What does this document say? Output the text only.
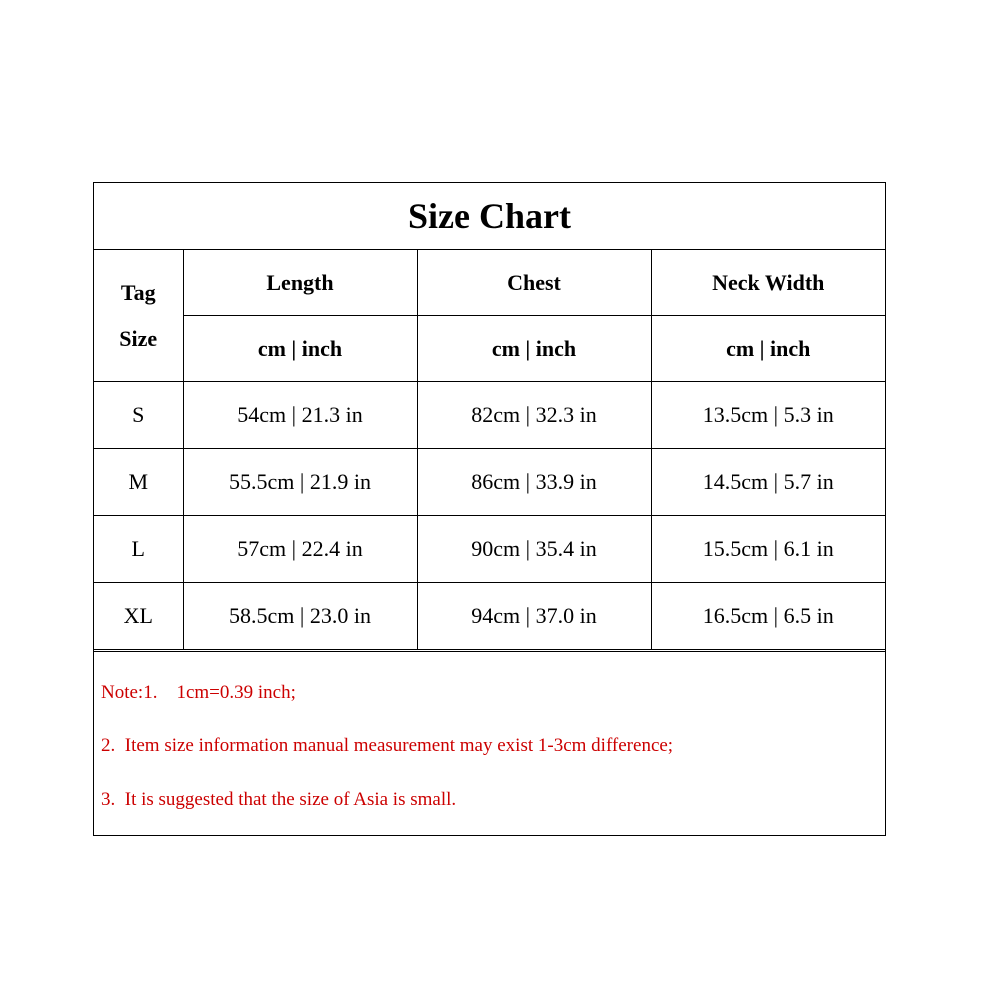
Size Chart
Tag
Size	Length	Chest	Neck Width
	cm | inch	cm | inch	cm | inch
S	54cm | 21.3 in	82cm | 32.3 in	13.5cm | 5.3 in
M	55.5cm | 21.9 in	86cm | 33.9 in	14.5cm | 5.7 in
L	57cm | 22.4 in	90cm | 35.4 in	15.5cm | 6.1 in
XL	58.5cm | 23.0 in	94cm | 37.0 in	16.5cm | 6.5 in
Note:1.    1cm=0.39 inch;
2.  Item size information manual measurement may exist 1-3cm difference;
3.  It is suggested that the size of Asia is small.
